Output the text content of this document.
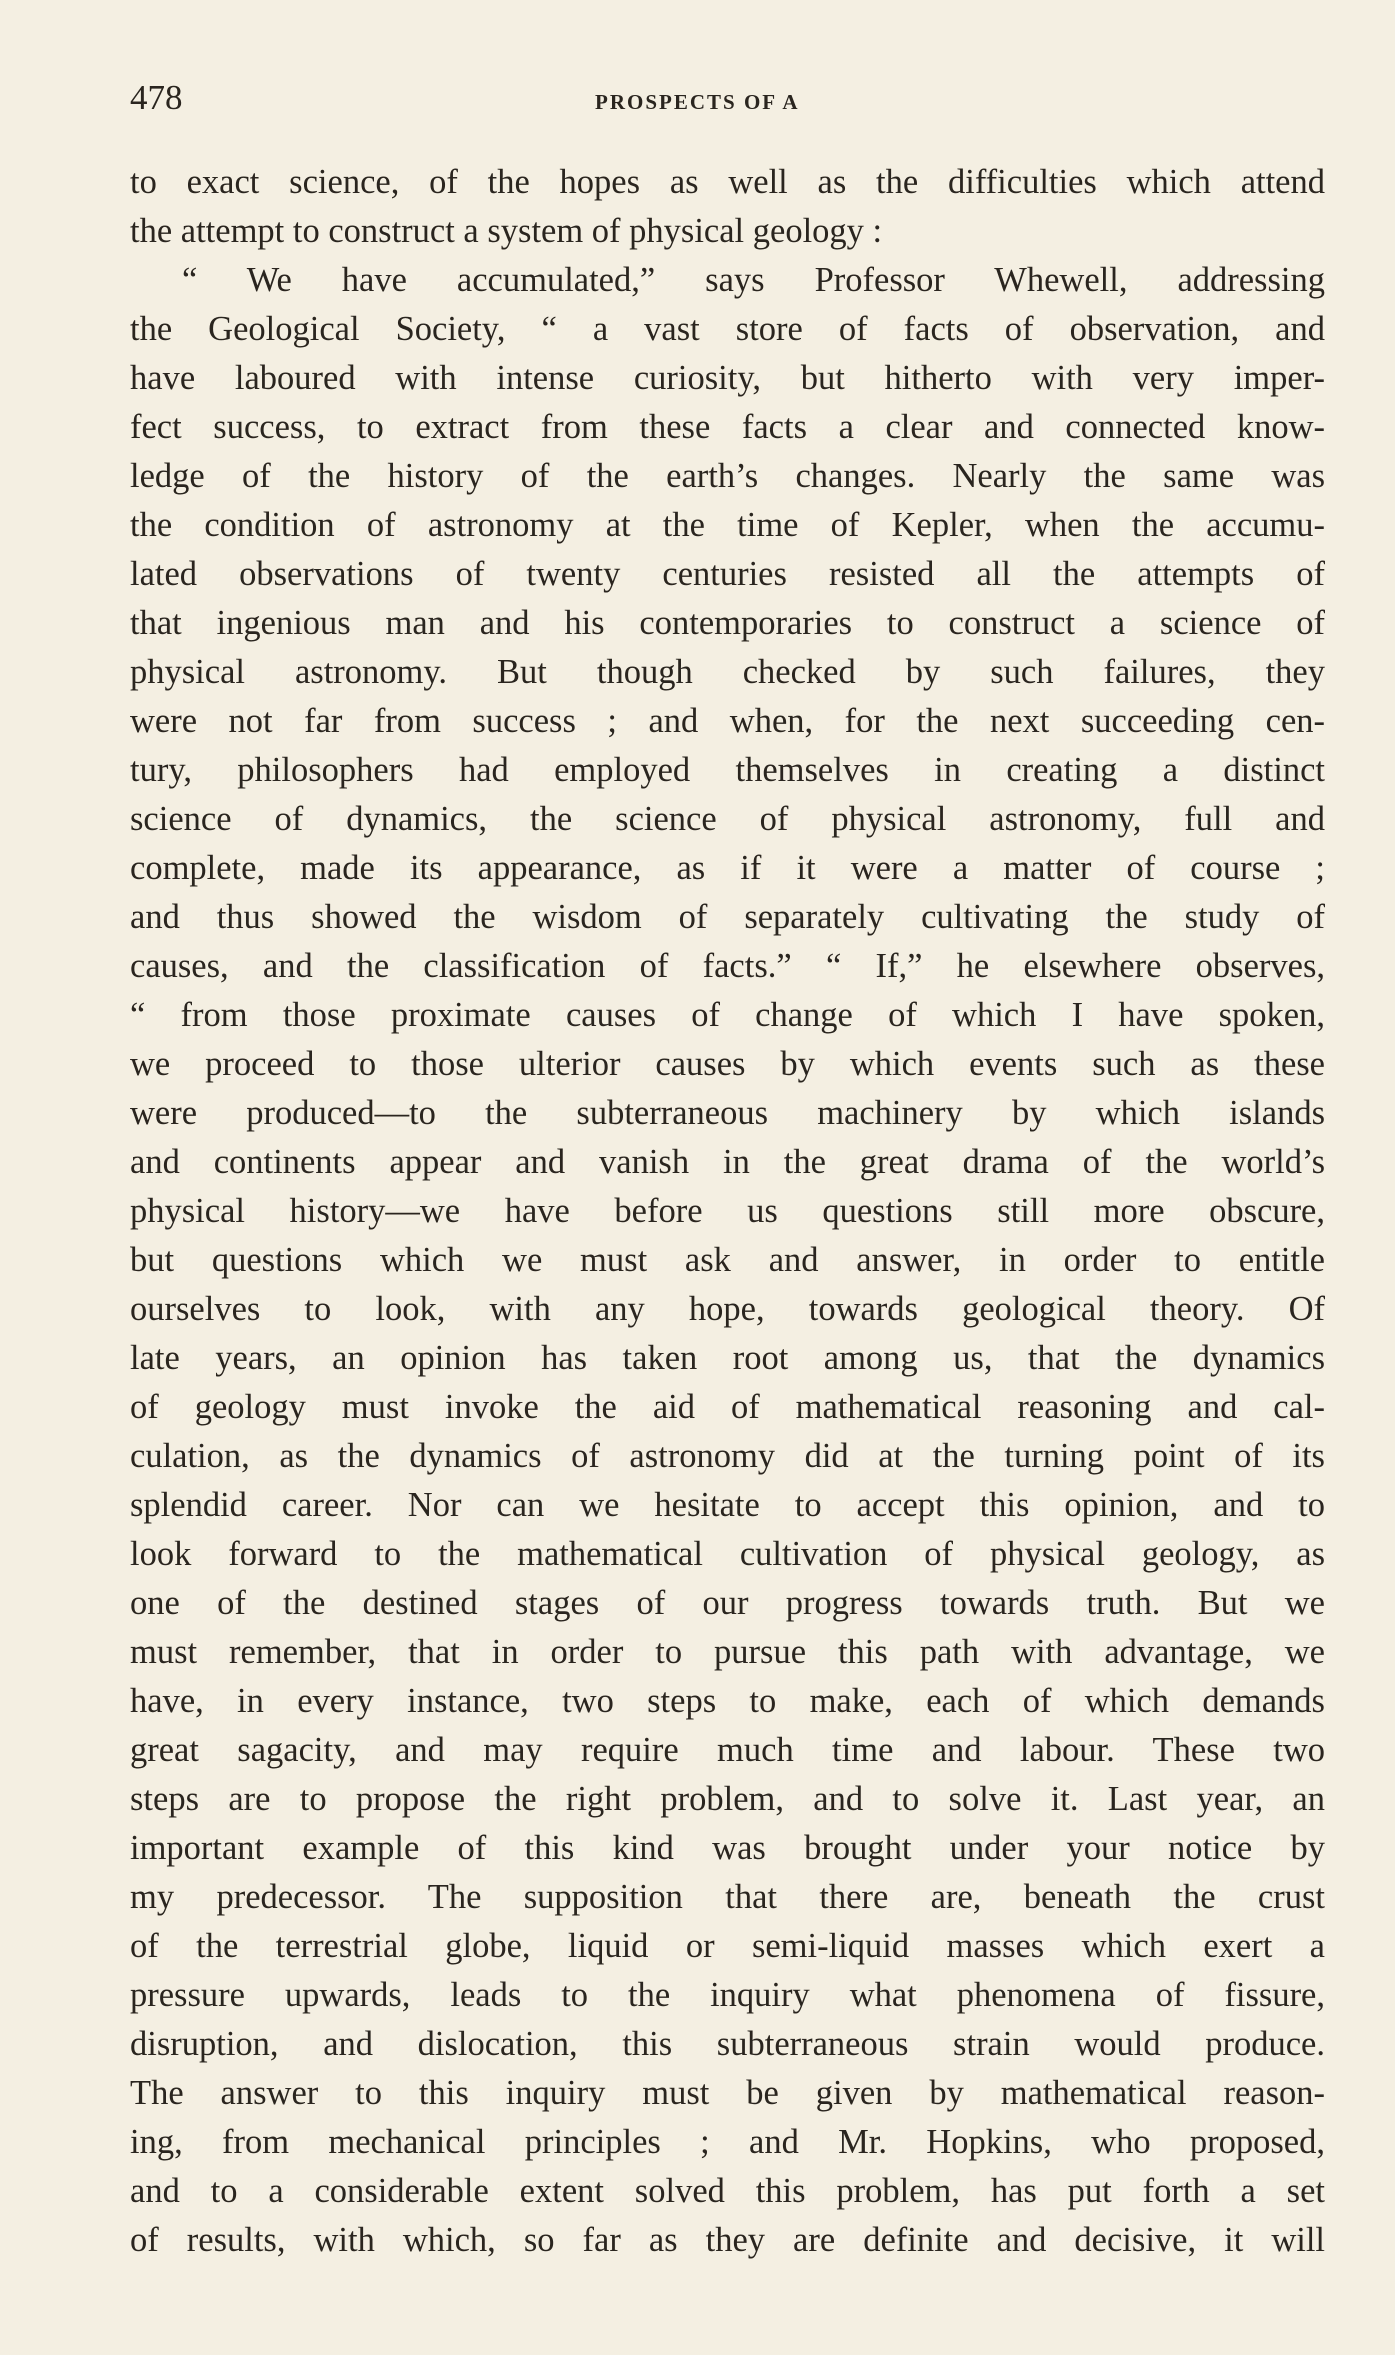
478	PROSPECTS OF A
to exact science, of the hopes as well as the difficulties which attend
the attempt to construct a system of physical geology :
“ We have accumulated,” says Professor Whewell, addressing
the Geological Society, “ a vast store of facts of observation, and
have laboured with intense curiosity, but hitherto with very imper-
fect success, to extract from these facts a clear and connected know-
ledge of the history of the earth’s changes. Nearly the same was
the condition of astronomy at the time of Kepler, when the accumu-
lated observations of twenty centuries resisted all the attempts of
that ingenious man and his contemporaries to construct a science of
physical astronomy. But though checked by such failures, they
were not far from success ; and when, for the next succeeding cen-
tury, philosophers had employed themselves in creating a distinct
science of dynamics, the science of physical astronomy, full and
complete, made its appearance, as if it were a matter of course ;
and thus showed the wisdom of separately cultivating the study of
causes, and the classification of facts.” “ If,” he elsewhere observes,
“ from those proximate causes of change of which I have spoken,
we proceed to those ulterior causes by which events such as these
were produced—to the subterraneous machinery by which islands
and continents appear and vanish in the great drama of the world’s
physical history—we have before us questions still more obscure,
but questions which we must ask and answer, in order to entitle
ourselves to look, with any hope, towards geological theory. Of
late years, an opinion has taken root among us, that the dynamics
of geology must invoke the aid of mathematical reasoning and cal-
culation, as the dynamics of astronomy did at the turning point of its
splendid career. Nor can we hesitate to accept this opinion, and to
look forward to the mathematical cultivation of physical geology, as
one of the destined stages of our progress towards truth. But we
must remember, that in order to pursue this path with advantage, we
have, in every instance, two steps to make, each of which demands
great sagacity, and may require much time and labour. These two
steps are to propose the right problem, and to solve it. Last year, an
important example of this kind was brought under your notice by
my predecessor. The supposition that there are, beneath the crust
of the terrestrial globe, liquid or semi-liquid masses which exert a
pressure upwards, leads to the inquiry what phenomena of fissure,
disruption, and dislocation, this subterraneous strain would produce.
The answer to this inquiry must be given by mathematical reason-
ing, from mechanical principles ; and Mr. Hopkins, who proposed,
and to a considerable extent solved this problem, has put forth a set
of results, with which, so far as they are definite and decisive, it will
